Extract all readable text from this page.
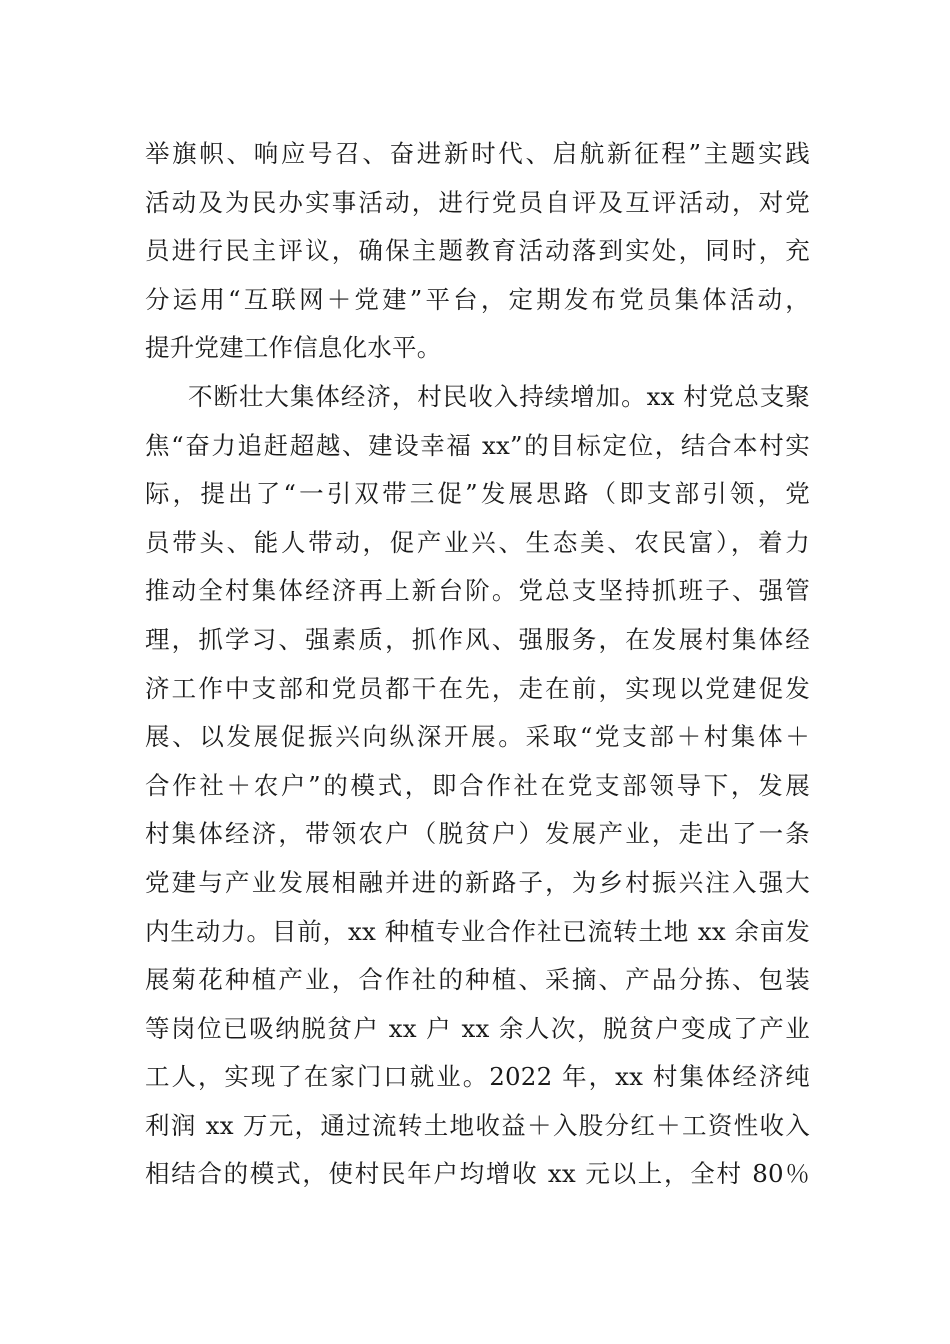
举旗帜、响应号召、奋进新时代、启航新征程”主题实践
活动及为民办实事活动，进行党员自评及互评活动，对党
员进行民主评议，确保主题教育活动落到实处，同时，充
分运用“互联网＋党建”平台，定期发布党员集体活动，
提升党建工作信息化水平。
不断壮大集体经济，村民收入持续增加。xx 村党总支聚
焦“奋力追赶超越、建设幸福 xx”的目标定位，结合本村实
际，提出了“一引双带三促”发展思路（即支部引领，党
员带头、能人带动，促产业兴、生态美、农民富），着力
推动全村集体经济再上新台阶。党总支坚持抓班子、强管
理，抓学习、强素质，抓作风、强服务，在发展村集体经
济工作中支部和党员都干在先，走在前，实现以党建促发
展、以发展促振兴向纵深开展。采取“党支部＋村集体＋
合作社＋农户”的模式，即合作社在党支部领导下，发展
村集体经济，带领农户（脱贫户）发展产业，走出了一条
党建与产业发展相融并进的新路子，为乡村振兴注入强大
内生动力。目前，xx 种植专业合作社已流转土地 xx 余亩发
展菊花种植产业，合作社的种植、采摘、产品分拣、包装
等岗位已吸纳脱贫户 xx 户 xx 余人次，脱贫户变成了产业
工人，实现了在家门口就业。2022 年，xx 村集体经济纯
利润 xx 万元，通过流转土地收益＋入股分红＋工资性收入
相结合的模式，使村民年户均增收 xx 元以上，全村 80％
